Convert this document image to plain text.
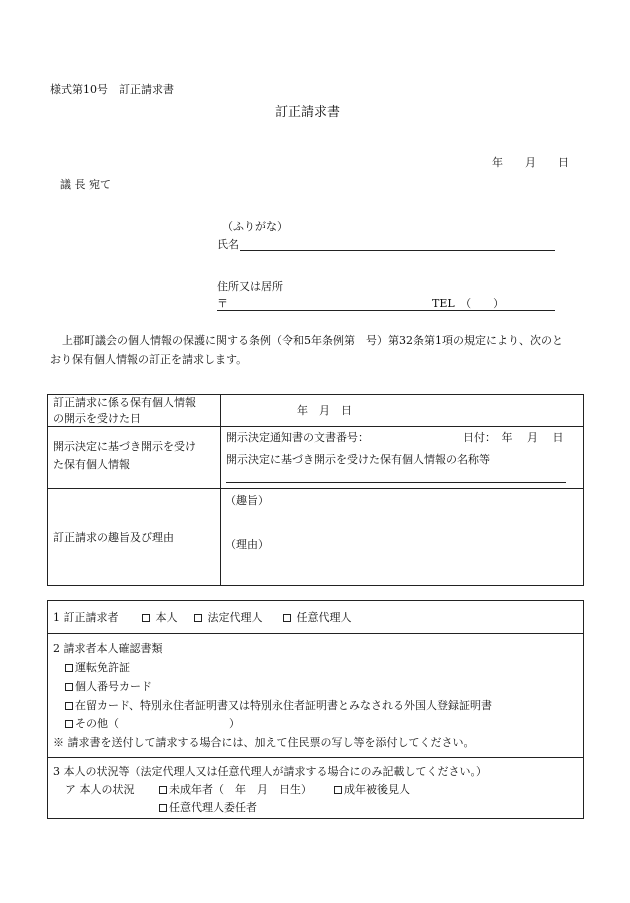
様式第10号　訂正請求書
訂正請求書
年　　月　　日
議 長 宛て
（ふりがな）
氏名
住所又は居所
〒	TEL　（　　）
上郡町議会の個人情報の保護に関する条例（令和5年条例第　号）第32条第1項の規定により、次のと
おり保有個人情報の訂正を請求します。
訂正請求に係る保有個人情報
の開示を受けた日
年　月　日
開示決定に基づき開示を受け
た保有個人情報
開示決定通知書の文書番号：	日付：　年　 月　 日
開示決定に基づき開示を受けた保有個人情報の名称等
訂正請求の趣旨及び理由
（趣旨）
（理由）
1 訂正請求者	本人	法定代理人	任意代理人
2 請求者本人確認書類
運転免許証
個人番号カード
在留カード、特別永住者証明書又は特別永住者証明書とみなされる外国人登録証明書
その他（　　　　　　　　　　）
※ 請求書を送付して請求する場合には、加えて住民票の写し等を添付してください。
3 本人の状況等（法定代理人又は任意代理人が請求する場合にのみ記載してください。）
ア 本人の状況	未成年者（　年　月　日生）	成年被後見人
任意代理人委任者
